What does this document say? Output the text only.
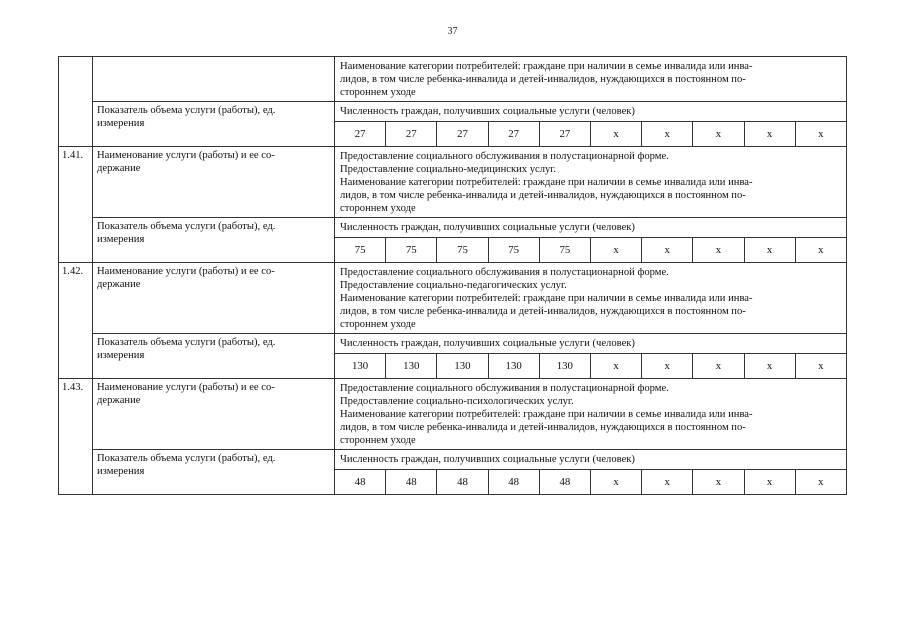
37

		Наименование категории потребителей: граждане при наличии в семье инвалида или инва-
лидов, в том числе ребенка-инвалида и детей-инвалидов, нуждающихся в постоянном по-
стороннем уходе									

	Показатель объема услуги (работы), ед.
измерения	Численность граждан, получивших социальные услуги (человек)									
		27	27	27	27	27	x	x	x	x	x
1.41.	Наименование услуги (работы) и ее со-
держание	Предоставление социального обслуживания в полустационарной форме.
Предоставление социально-медицинских услуг.
Наименование категории потребителей: граждане при наличии в семье инвалида или инва-
лидов, в том числе ребенка-инвалида и детей-инвалидов, нуждающихся в постоянном по-
стороннем уходе									

	Показатель объема услуги (работы), ед.
измерения	Численность граждан, получивших социальные услуги (человек)									
		75	75	75	75	75	x	x	x	x	x
1.42.	Наименование услуги (работы) и ее со-
держание	Предоставление социального обслуживания в полустационарной форме.
Предоставление социально-педагогических услуг.
Наименование категории потребителей: граждане при наличии в семье инвалида или инва-
лидов, в том числе ребенка-инвалида и детей-инвалидов, нуждающихся в постоянном по-
стороннем уходе									

	Показатель объема услуги (работы), ед.
измерения	Численность граждан, получивших социальные услуги (человек)									
		130	130	130	130	130	x	x	x	x	x
1.43.	Наименование услуги (работы) и ее со-
держание	Предоставление социального обслуживания в полустационарной форме.
Предоставление социально-психологических услуг.
Наименование категории потребителей: граждане при наличии в семье инвалида или инва-
лидов, в том числе ребенка-инвалида и детей-инвалидов, нуждающихся в постоянном по-
стороннем уходе									

	Показатель объема услуги (работы), ед.
измерения	Численность граждан, получивших социальные услуги (человек)									
		48	48	48	48	48	x	x	x	x	x
